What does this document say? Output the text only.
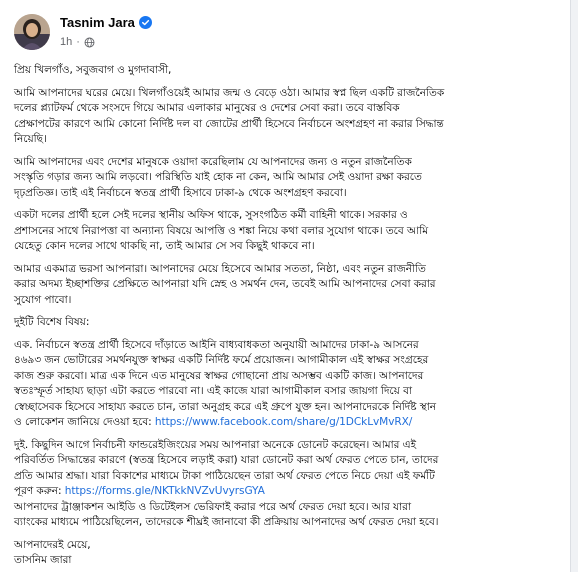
Tasnim Jara
1h ·

প্রিয় খিলগাঁও, সবুজবাগ ও মুগদাবাসী,

আমি আপনাদের ঘরের মেয়ে। খিলগাঁওয়েই আমার জন্ম ও বেড়ে ওঠা। আমার স্বপ্ন ছিল একটি রাজনৈতিক

দলের প্ল্যাটফর্ম থেকে সংসদে গিয়ে আমার এলাকার মানুষের ও দেশের সেবা করা। তবে বাস্তবিক

প্রেক্ষাপটের কারণে আমি কোনো নির্দিষ্ট দল বা জোটের প্রার্থী হিসেবে নির্বাচনে অংশগ্রহণ না করার সিদ্ধান্ত

নিয়েছি।

আমি আপনাদের এবং দেশের মানুষকে ওয়াদা করেছিলাম যে আপনাদের জন্য ও নতুন রাজনৈতিক

সংস্কৃতি গড়ার জন্য আমি লড়বো। পরিস্থিতি যাই হোক না কেন, আমি আমার সেই ওয়াদা রক্ষা করতে

দৃঢ়প্রতিজ্ঞ। তাই এই নির্বাচনে স্বতন্ত্র প্রার্থী হিসাবে ঢাকা-৯ থেকে অংশগ্রহণ করবো।

একটা দলের প্রার্থী হলে সেই দলের স্থানীয় অফিস থাকে, সুসংগঠিত কর্মী বাহিনী থাকে। সরকার ও

প্রশাসনের সাথে নিরাপত্তা বা অন্যান্য বিষয়ে আপত্তি ও শঙ্কা নিয়ে কথা বলার সুযোগ থাকে। তবে আমি

যেহেতু কোন দলের সাথে থাকছি না, তাই আমার সে সব কিছুই থাকবে না।

আমার একমাত্র ভরসা আপনারা। আপনাদের মেয়ে হিসেবে আমার সততা, নিষ্ঠা, এবং নতুন রাজনীতি

করার অদম্য ইচ্ছাশক্তির প্রেক্ষিতে আপনারা যদি স্নেহ ও সমর্থন দেন, তবেই আমি আপনাদের সেবা করার

সুযোগ পাবো।

দুইটি বিশেষ বিষয়:

এক. নির্বাচনে স্বতন্ত্র প্রার্থী হিসেবে দাঁড়াতে আইনি বাধ্যবাধকতা অনুযায়ী আমাদের ঢাকা-৯ আসনের

৪৬৯৩ জন ভোটারের সমর্থনযুক্ত স্বাক্ষর একটি নির্দিষ্ট ফর্মে প্রয়োজন। আগামীকাল এই স্বাক্ষর সংগ্রহের

কাজ শুরু করবো। মাত্র এক দিনে এত মানুষের স্বাক্ষর গোছানো প্রায় অসম্ভব একটি কাজ। আপনাদের

স্বতঃস্ফূর্ত সাহায্য ছাড়া এটা করতে পারবো না। এই কাজে যারা আগামীকাল বসার জায়গা দিয়ে বা

স্বেচ্ছাসেবক হিসেবে সাহায্য করতে চান, তারা অনুগ্রহ করে এই গ্রুপে যুক্ত হন। আপনাদেরকে নির্দিষ্ট স্থান

ও লোকেশন জানিয়ে দেওয়া হবে: https://www.facebook.com/share/g/1DCkLvMvRX/

দুই. কিছুদিন আগে নির্বাচনী ফান্ডরেইজিংয়ের সময় আপনারা অনেকে ডোনেট করেছেন। আমার এই

পরিবর্তিত সিদ্ধান্তের কারণে (স্বতন্ত্র হিসেবে লড়াই করা) যারা ডোনেট করা অর্থ ফেরত পেতে চান, তাদের

প্রতি আমার শ্রদ্ধা। যারা বিকাশের মাধ্যমে টাকা পাঠিয়েছেন তারা অর্থ ফেরত পেতে নিচে দেয়া এই ফর্মটি

পূরণ করুন: https://forms.gle/NKTkkNVZvUvyrsGYA

আপনাদের ট্রাঞ্জাকশন আইডি ও ডিটেইলস ভেরিফাই করার পরে অর্থ ফেরত দেয়া হবে। আর যারা

ব্যাংকের মাধ্যমে পাঠিয়েছিলেন, তাদেরকে শীঘ্রই জানাবো কী প্রক্রিয়ায় আপনাদের অর্থ ফেরত দেয়া হবে।

আপনাদেরই মেয়ে,

তাসনিম জারা
